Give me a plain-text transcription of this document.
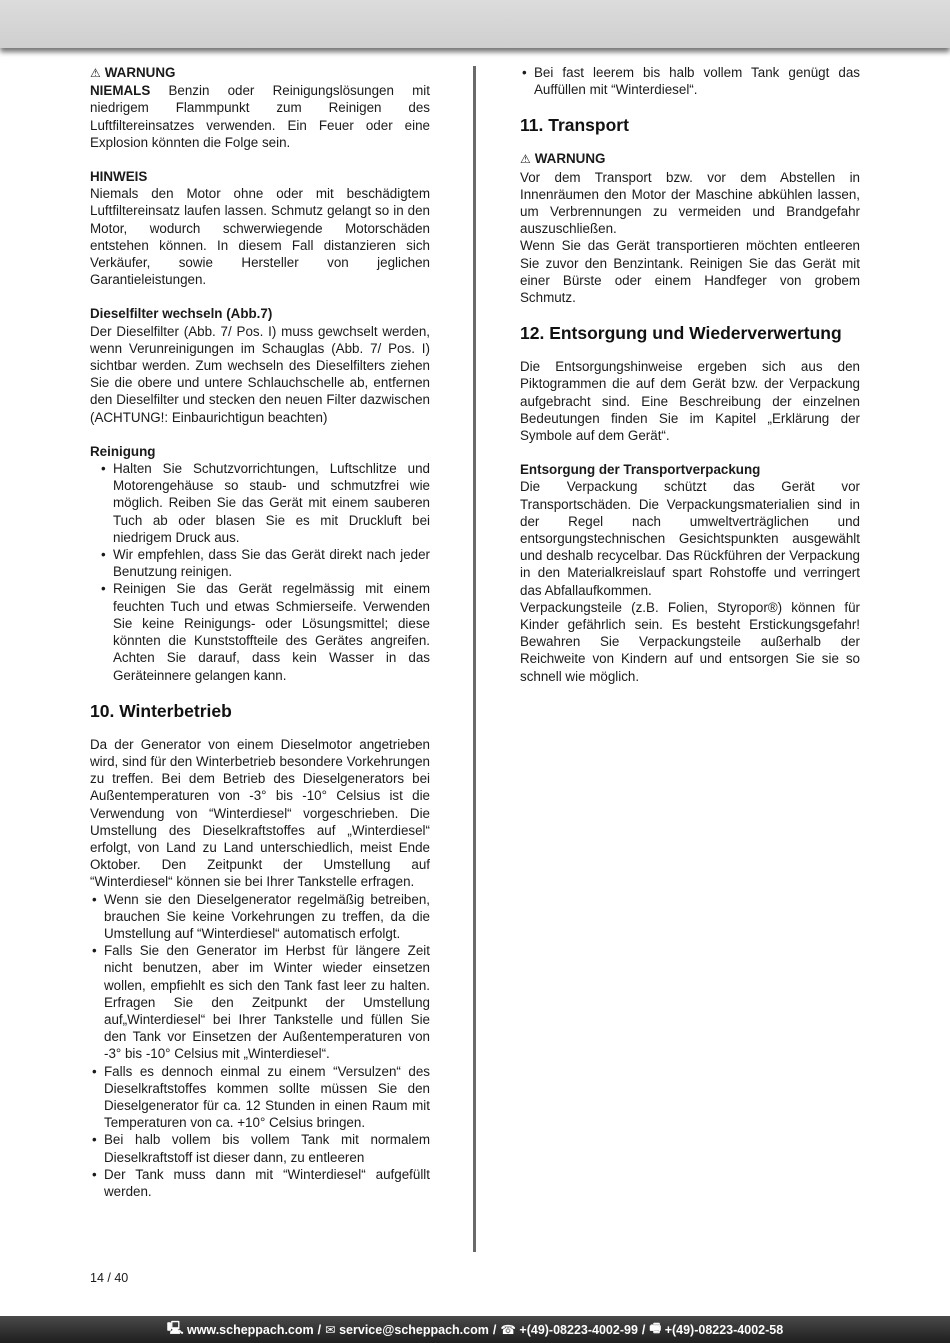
⚠ WARNUNG

NIEMALS Benzin oder Reinigungslösungen mit niedrigem Flammpunkt zum Reinigen des Luftfiltereinsatzes verwenden. Ein Feuer oder eine Explosion könnten die Folge sein.

HINWEIS

Niemals den Motor ohne oder mit beschädigtem Luftfiltereinsatz laufen lassen. Schmutz gelangt so in den Motor, wodurch schwerwiegende Motorschäden entstehen können. In diesem Fall distanzieren sich Verkäufer, sowie Hersteller von jeglichen Garantieleistungen.

Dieselfilter wechseln (Abb.7)

Der Dieselfilter (Abb. 7/ Pos. I) muss gewchselt werden, wenn Verunreinigungen im Schauglas (Abb. 7/ Pos. I) sichtbar werden. Zum wechseln des Dieselfilters ziehen Sie die obere und untere Schlauchschelle ab, entfernen den Dieselfilter und stecken den neuen Filter dazwischen (ACHTUNG!: Einbaurichtigun beachten)

Reinigung

• Halten Sie Schutzvorrichtungen, Luftschlitze und Motorengehäuse so staub- und schmutzfrei wie möglich. Reiben Sie das Gerät mit einem sauberen Tuch ab oder blasen Sie es mit Druckluft bei niedrigem Druck aus.
• Wir empfehlen, dass Sie das Gerät direkt nach jeder Benutzung reinigen.
• Reinigen Sie das Gerät regelmässig mit einem feuchten Tuch und etwas Schmierseife. Verwenden Sie keine Reinigungs- oder Lösungsmittel; diese könnten die Kunststoffteile des Gerätes angreifen. Achten Sie darauf, dass kein Wasser in das Geräteinnere gelangen kann.
10. Winterbetrieb

Da der Generator von einem Dieselmotor angetrieben wird, sind für den Winterbetrieb besondere Vorkehrungen zu treffen. Bei dem Betrieb des Dieselgenerators bei Außentemperaturen von -3° bis -10° Celsius ist die Verwendung von “Winterdiesel“ vorgeschrieben. Die Umstellung des Dieselkraftstoffes auf „Winterdiesel“ erfolgt, von Land zu Land unterschiedlich, meist Ende Oktober. Den Zeitpunkt der Umstellung auf “Winterdiesel“ können sie bei Ihrer Tankstelle erfragen.

• Wenn sie den Dieselgenerator regelmäßig betreiben, brauchen Sie keine Vorkehrungen zu treffen, da die Umstellung auf “Winterdiesel“ automatisch erfolgt.
• Falls Sie den Generator im Herbst für längere Zeit nicht benutzen, aber im Winter wieder einsetzen wollen, empfiehlt es sich den Tank fast leer zu halten. Erfragen Sie den Zeitpunkt der Umstellung auf„Winterdiesel“ bei Ihrer Tankstelle und füllen Sie den Tank vor Einsetzen der Außentemperaturen von -3° bis -10° Celsius mit „Winterdiesel“.
• Falls es dennoch einmal zu einem “Versulzen“ des Dieselkraftstoffes kommen sollte müssen Sie den Dieselgenerator für ca. 12 Stunden in einen Raum mit Temperaturen von ca. +10° Celsius bringen.
• Bei halb vollem bis vollem Tank mit normalem Dieselkraftstoff ist dieser dann, zu entleeren
• Der Tank muss dann mit “Winterdiesel“ aufgefüllt werden.
• Bei fast leerem bis halb vollem Tank genügt das Auffüllen mit “Winterdiesel“.
11. Transport

⚠ WARNUNG

Vor dem Transport bzw. vor dem Abstellen in Innenräumen den Motor der Maschine abkühlen lassen, um Verbrennungen zu vermeiden und Brandgefahr auszuschließen.

Wenn Sie das Gerät transportieren möchten entleeren Sie zuvor den Benzintank. Reinigen Sie das Gerät mit einer Bürste oder einem Handfeger von grobem Schmutz.

12. Entsorgung und Wiederverwertung

Die Entsorgungshinweise ergeben sich aus den Piktogrammen die auf dem Gerät bzw. der Verpackung aufgebracht sind. Eine Beschreibung der einzelnen Bedeutungen finden Sie im Kapitel „Erklärung der Symbole auf dem Gerät“.

Entsorgung der Transportverpackung

Die Verpackung schützt das Gerät vor Transportschäden. Die Verpackungsmaterialien sind in der Regel nach umweltverträglichen und entsorgungstechnischen Gesichtspunkten ausgewählt und deshalb recycelbar. Das Rückführen der Verpackung in den Materialkreislauf spart Rohstoffe und verringert das Abfallaufkommen.

Verpackungsteile (z.B. Folien, Styropor®) können für Kinder gefährlich sein. Es besteht Erstickungsgefahr! Bewahren Sie Verpackungsteile außerhalb der Reichweite von Kindern auf und entsorgen Sie sie so schnell wie möglich.

14 / 40
🖳
www.scheppach.com / ✉
service@scheppach.com / ☎
+(49)-08223-4002-99 / 🖷
+(49)-08223-4002-58
